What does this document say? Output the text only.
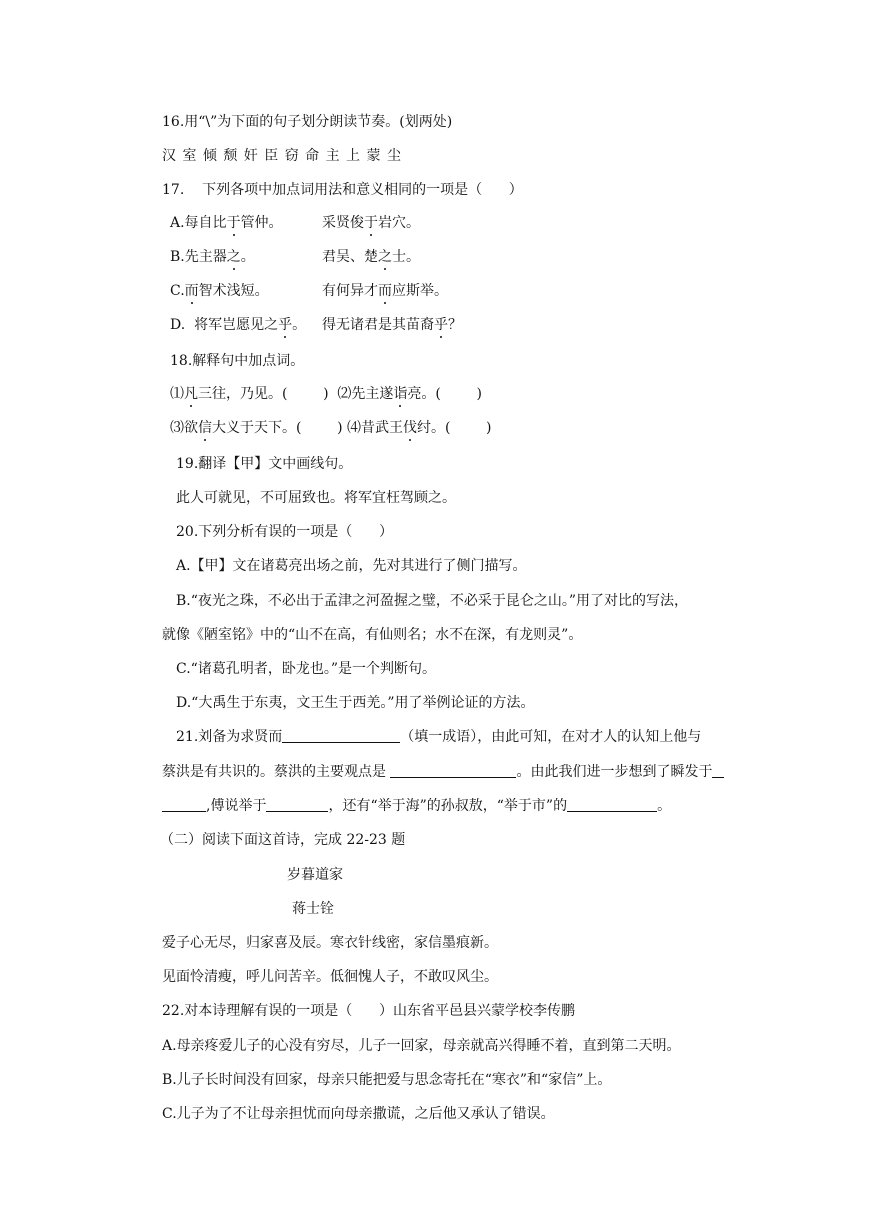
16.用“\”为下面的句子划分朗读节奏。(划两处)
汉 室 倾 颓 奸 臣 窃 命 主 上 蒙 尘
17.    下列各项中加点词用法和意义相同的一项是（      ）
A.每自比于管仲。	采贤俊于岩穴。
B.先主器之。	君吴、楚之士。
C.而智术浅短。	有何异才而应斯举。
D.  将军岂愿见之乎。 得无诸君是其苗裔乎？
18.解释句中加点词。
⑴凡三往，乃见。(        )  ⑵先主遂诣亮。(        )
⑶欲信大义于天下。(        ) ⑷昔武王伐纣。(        )
19.翻译【甲】文中画线句。
此人可就见，不可屈致也。将军宜枉驾顾之。
20.下列分析有误的一项是（      ）
A.【甲】文在诸葛亮出场之前，先对其进行了侧门描写。
B.“夜光之珠，不必出于孟津之河盈握之璧，不必采于昆仑之山。”用了对比的写法，
就像《陋室铭》中的“山不在高，有仙则名；水不在深，有龙则灵”。
C.“诸葛孔明者，卧龙也。”是一个判断句。
D.“大禹生于东夷，文王生于西羌。”用了举例论证的方法。
21.刘备为求贤而	（填一成语），由此可知，在对才人的认知上他与
蔡洪是有共识的。蔡洪的主要观点是	。由此我们进一步想到了瞬发于
,傅说举于	，还有“举于海”的孙叔敖，“举于市”的	。
（二）阅读下面这首诗，完成 22-23 题
岁暮道家
蒋士铨
爱子心无尽，归家喜及辰。寒衣针线密，家信墨痕新。
见面怜清瘦，呼儿问苦辛。低徊愧人子，不敢叹风尘。
22.对本诗理解有误的一项是（      ）山东省平邑县兴蒙学校李传鹏
A.母亲疼爱儿子的心没有穷尽，儿子一回家，母亲就高兴得睡不着，直到第二天明。
B.儿子长时间没有回家，母亲只能把爱与思念寄托在“寒衣”和“家信”上。
C.儿子为了不让母亲担忧而向母亲撒谎，之后他又承认了错误。
